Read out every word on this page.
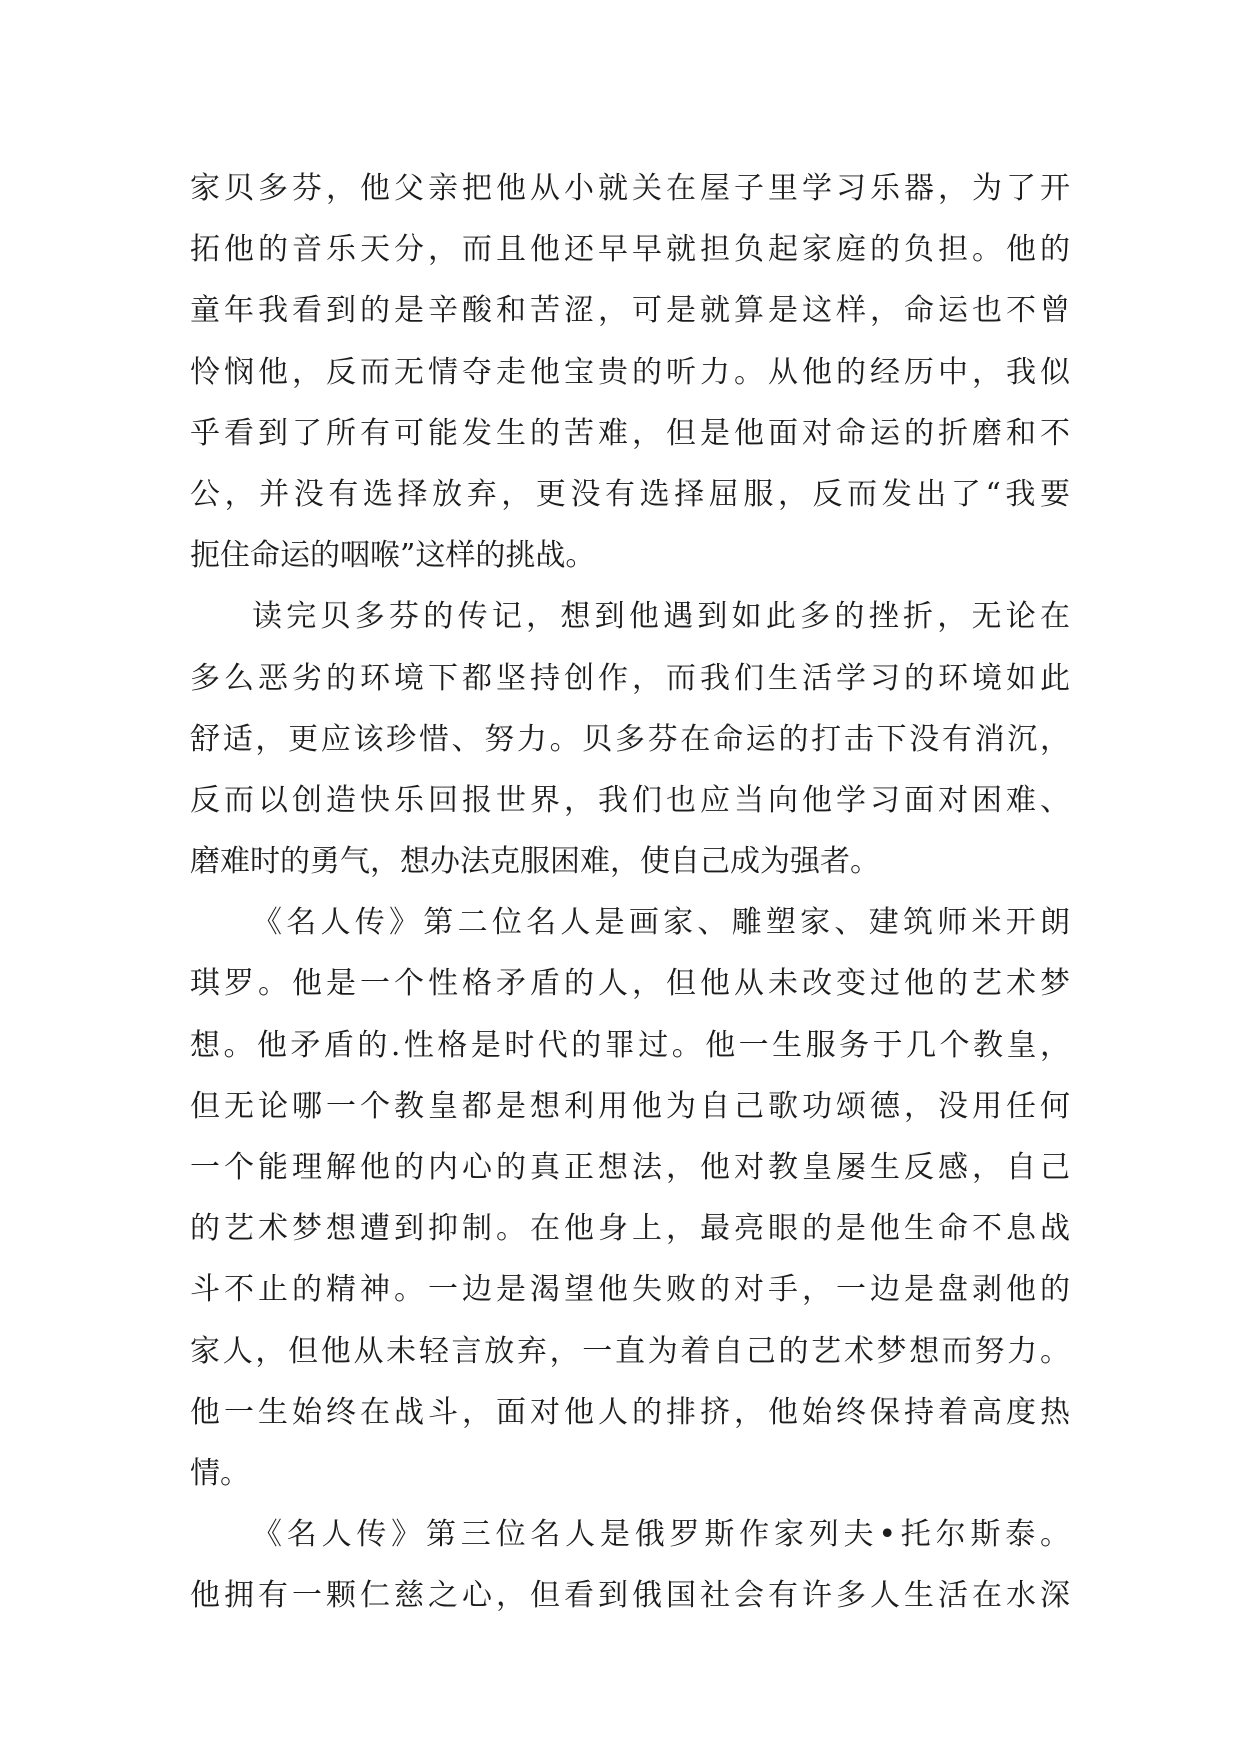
家贝多芬，他父亲把他从小就关在屋子里学习乐器，为了开
拓他的音乐天分，而且他还早早就担负起家庭的负担。他的
童年我看到的是辛酸和苦涩，可是就算是这样，命运也不曾
怜悯他，反而无情夺走他宝贵的听力。从他的经历中，我似
乎看到了所有可能发生的苦难，但是他面对命运的折磨和不
公，并没有选择放弃，更没有选择屈服，反而发出了“我要
扼住命运的咽喉”这样的挑战。
读完贝多芬的传记，想到他遇到如此多的挫折，无论在
多么恶劣的环境下都坚持创作，而我们生活学习的环境如此
舒适，更应该珍惜、努力。贝多芬在命运的打击下没有消沉，
反而以创造快乐回报世界，我们也应当向他学习面对困难、
磨难时的勇气，想办法克服困难，使自己成为强者。
《名人传》第二位名人是画家、雕塑家、建筑师米开朗
琪罗。他是一个性格矛盾的人，但他从未改变过他的艺术梦
想。他矛盾的.性格是时代的罪过。他一生服务于几个教皇，
但无论哪一个教皇都是想利用他为自己歌功颂德，没用任何
一个能理解他的内心的真正想法，他对教皇屡生反感，自己
的艺术梦想遭到抑制。在他身上，最亮眼的是他生命不息战
斗不止的精神。一边是渴望他失败的对手，一边是盘剥他的
家人，但他从未轻言放弃，一直为着自己的艺术梦想而努力。
他一生始终在战斗，面对他人的排挤，他始终保持着高度热
情。
《名人传》第三位名人是俄罗斯作家列夫•托尔斯泰。
他拥有一颗仁慈之心，但看到俄国社会有许多人生活在水深
